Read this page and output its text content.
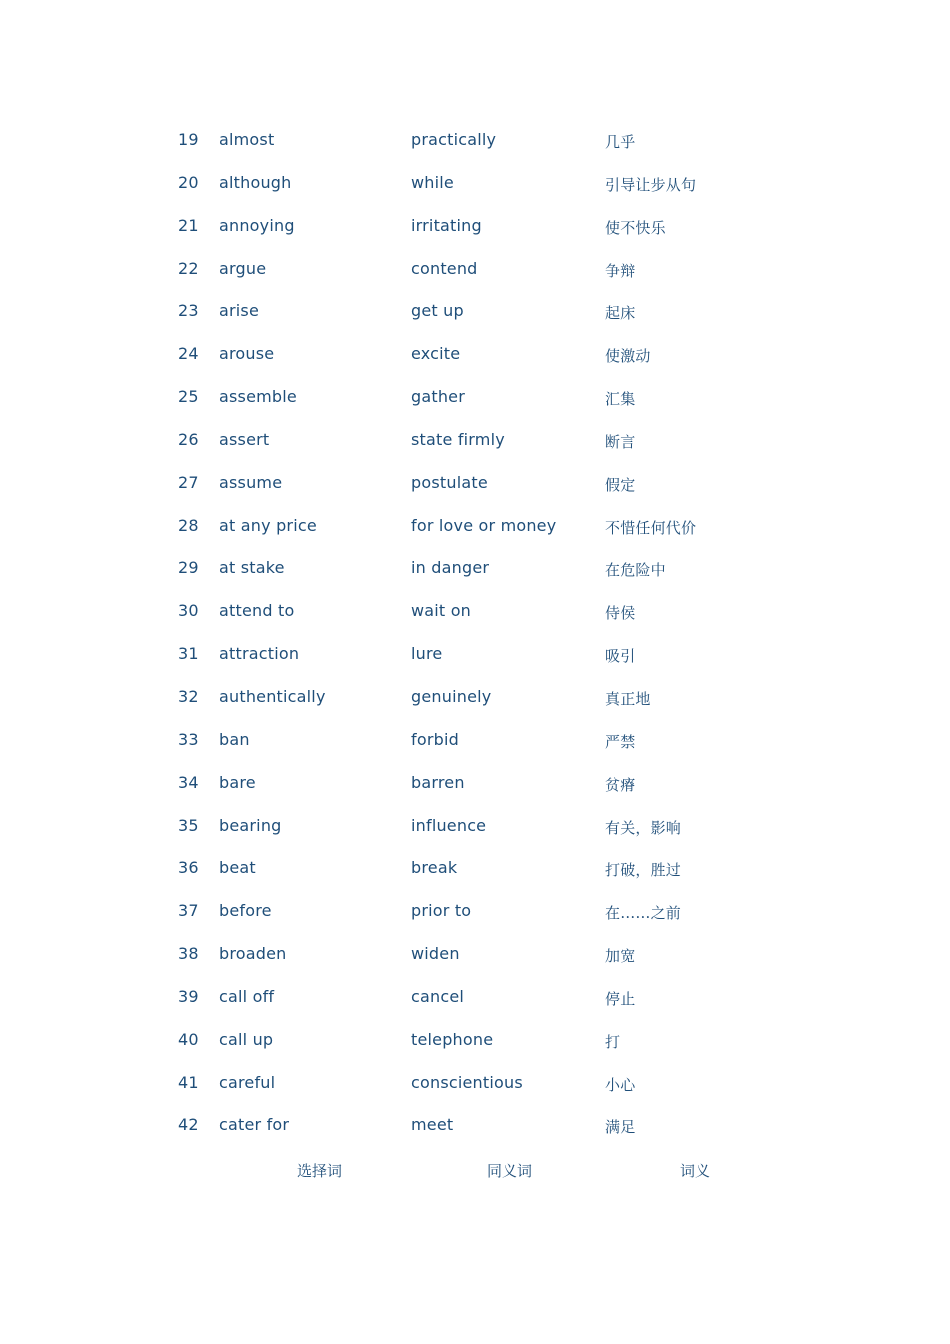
19 almost	practically	几乎
20 although	while	引导让步从句
21 annoying	irritating	使不快乐
22 argue	contend	争辩
23 arise	get up	起床
24 arouse	excite	使激动
25 assemble	gather	汇集
26 assert	state firmly	断言
27 assume	postulate	假定
28 at any price	for love or money	不惜任何代价
29 at stake	in danger	在危险中
30 attend to	wait on	侍侯
31 attraction	lure	吸引
32 authentically	genuinely	真正地
33 ban	forbid	严禁
34 bare	barren	贫瘠
35 bearing	influence	有关，影响
36 beat	break	打破，胜过
37 before	prior to	在……之前
38 broaden	widen	加宽
39 call off	cancel	停止
40 call up	telephone	打
41 careful	conscientious	小心
42 cater for	meet	满足
选择词	同义词	词义
